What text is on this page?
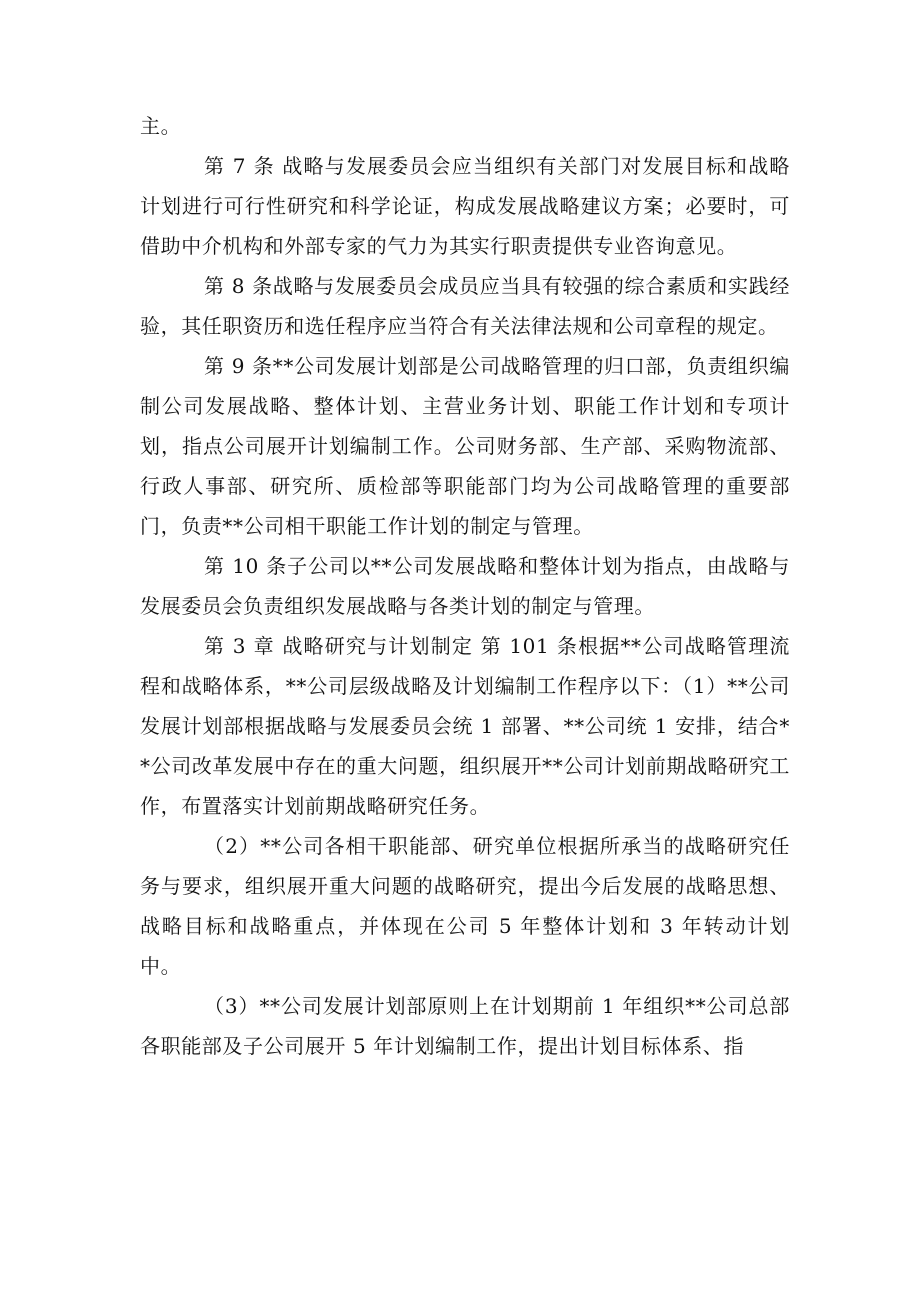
主。

第 7 条 战略与发展委员会应当组织有关部门对发展目标和战略计划进行可行性研究和科学论证，构成发展战略建议方案；必要时，可借助中介机构和外部专家的气力为其实行职责提供专业咨询意见。

第 8 条战略与发展委员会成员应当具有较强的综合素质和实践经验，其任职资历和选任程序应当符合有关法律法规和公司章程的规定。

第 9 条**公司发展计划部是公司战略管理的归口部，负责组织编制公司发展战略、整体计划、主营业务计划、职能工作计划和专项计划，指点公司展开计划编制工作。公司财务部、生产部、采购物流部、行政人事部、研究所、质检部等职能部门均为公司战略管理的重要部门，负责**公司相干职能工作计划的制定与管理。

第 10 条子公司以**公司发展战略和整体计划为指点，由战略与发展委员会负责组织发展战略与各类计划的制定与管理。

第 3 章 战略研究与计划制定 第 101 条根据**公司战略管理流程和战略体系，**公司层级战略及计划编制工作程序以下：（1）**公司发展计划部根据战略与发展委员会统 1 部署、**公司统 1 安排，结合**公司改革发展中存在的重大问题，组织展开**公司计划前期战略研究工作，布置落实计划前期战略研究任务。

（2）**公司各相干职能部、研究单位根据所承当的战略研究任务与要求，组织展开重大问题的战略研究，提出今后发展的战略思想、战略目标和战略重点，并体现在公司 5 年整体计划和 3 年转动计划中。

（3）**公司发展计划部原则上在计划期前 1 年组织**公司总部各职能部及子公司展开 5 年计划编制工作，提出计划目标体系、指
